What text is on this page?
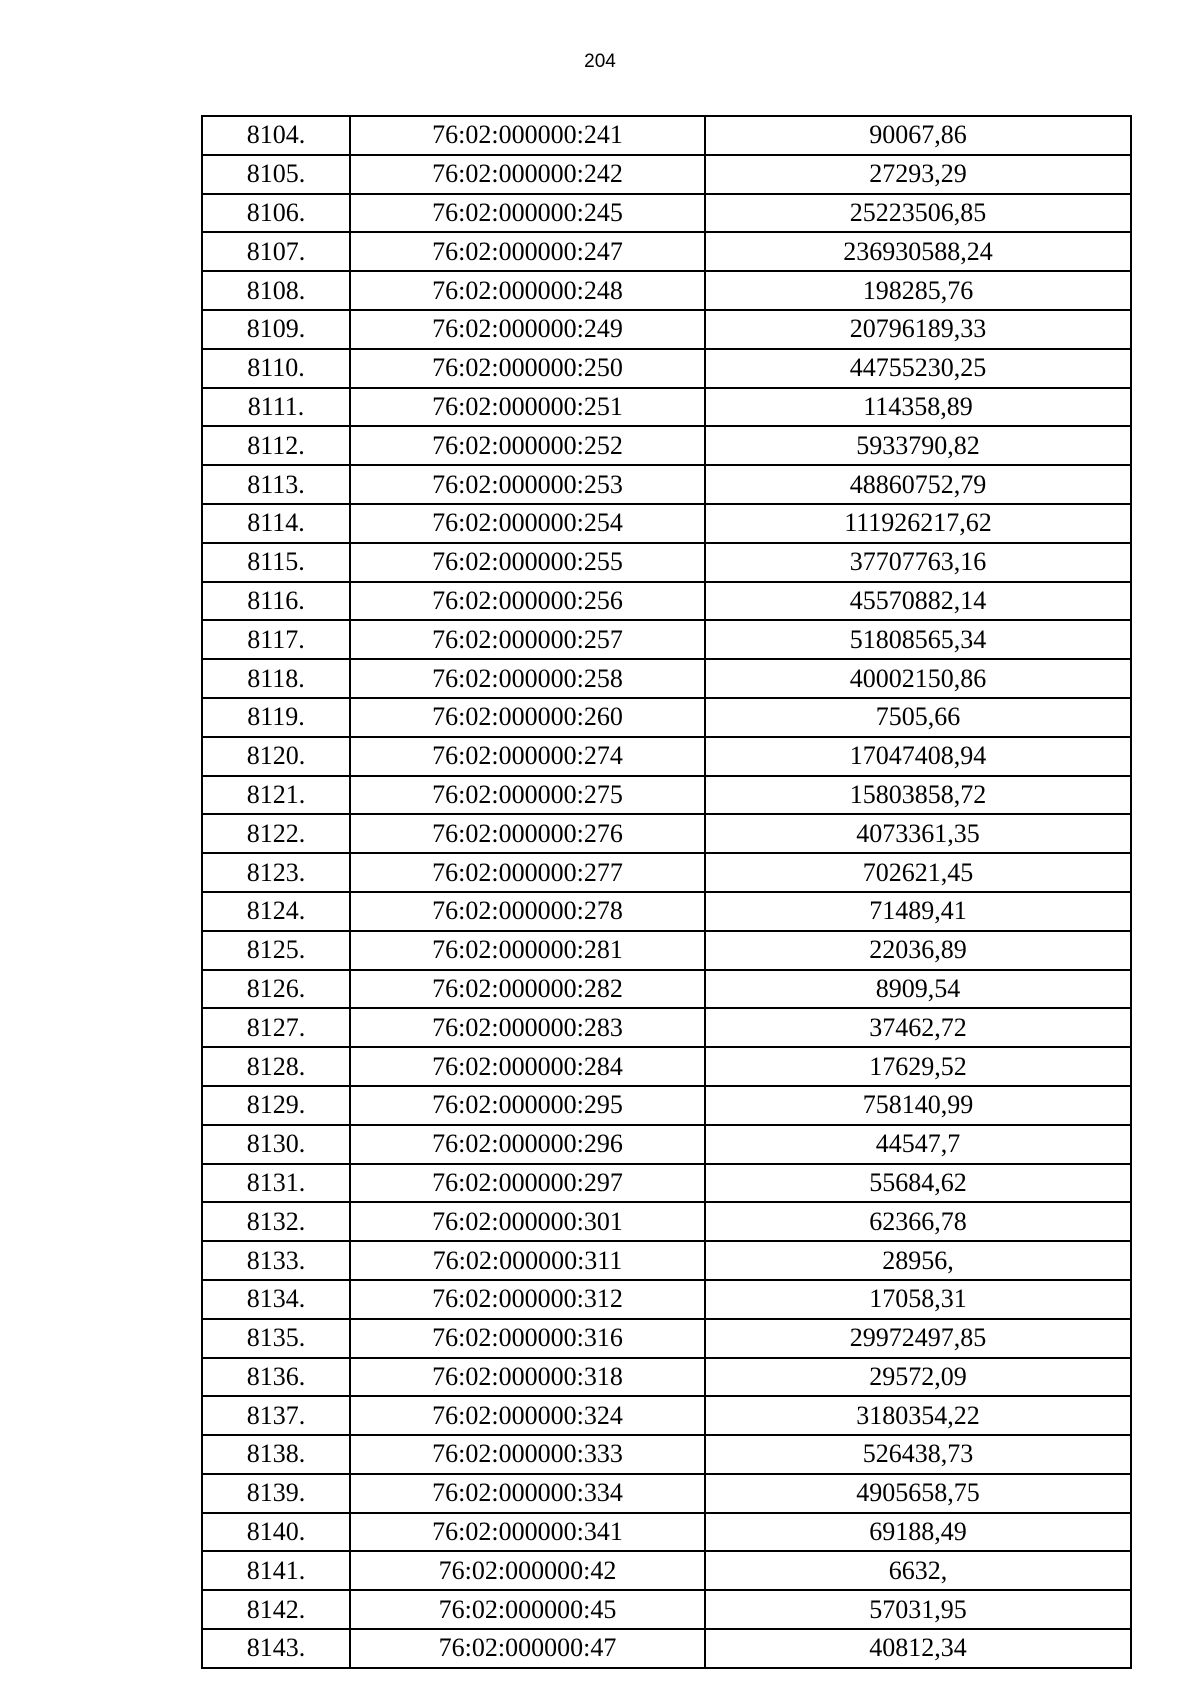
204
8104.	76:02:000000:241	90067,86
8105.	76:02:000000:242	27293,29
8106.	76:02:000000:245	25223506,85
8107.	76:02:000000:247	236930588,24
8108.	76:02:000000:248	198285,76
8109.	76:02:000000:249	20796189,33
8110.	76:02:000000:250	44755230,25
8111.	76:02:000000:251	114358,89
8112.	76:02:000000:252	5933790,82
8113.	76:02:000000:253	48860752,79
8114.	76:02:000000:254	111926217,62
8115.	76:02:000000:255	37707763,16
8116.	76:02:000000:256	45570882,14
8117.	76:02:000000:257	51808565,34
8118.	76:02:000000:258	40002150,86
8119.	76:02:000000:260	7505,66
8120.	76:02:000000:274	17047408,94
8121.	76:02:000000:275	15803858,72
8122.	76:02:000000:276	4073361,35
8123.	76:02:000000:277	702621,45
8124.	76:02:000000:278	71489,41
8125.	76:02:000000:281	22036,89
8126.	76:02:000000:282	8909,54
8127.	76:02:000000:283	37462,72
8128.	76:02:000000:284	17629,52
8129.	76:02:000000:295	758140,99
8130.	76:02:000000:296	44547,7
8131.	76:02:000000:297	55684,62
8132.	76:02:000000:301	62366,78
8133.	76:02:000000:311	28956,
8134.	76:02:000000:312	17058,31
8135.	76:02:000000:316	29972497,85
8136.	76:02:000000:318	29572,09
8137.	76:02:000000:324	3180354,22
8138.	76:02:000000:333	526438,73
8139.	76:02:000000:334	4905658,75
8140.	76:02:000000:341	69188,49
8141.	76:02:000000:42	6632,
8142.	76:02:000000:45	57031,95
8143.	76:02:000000:47	40812,34
